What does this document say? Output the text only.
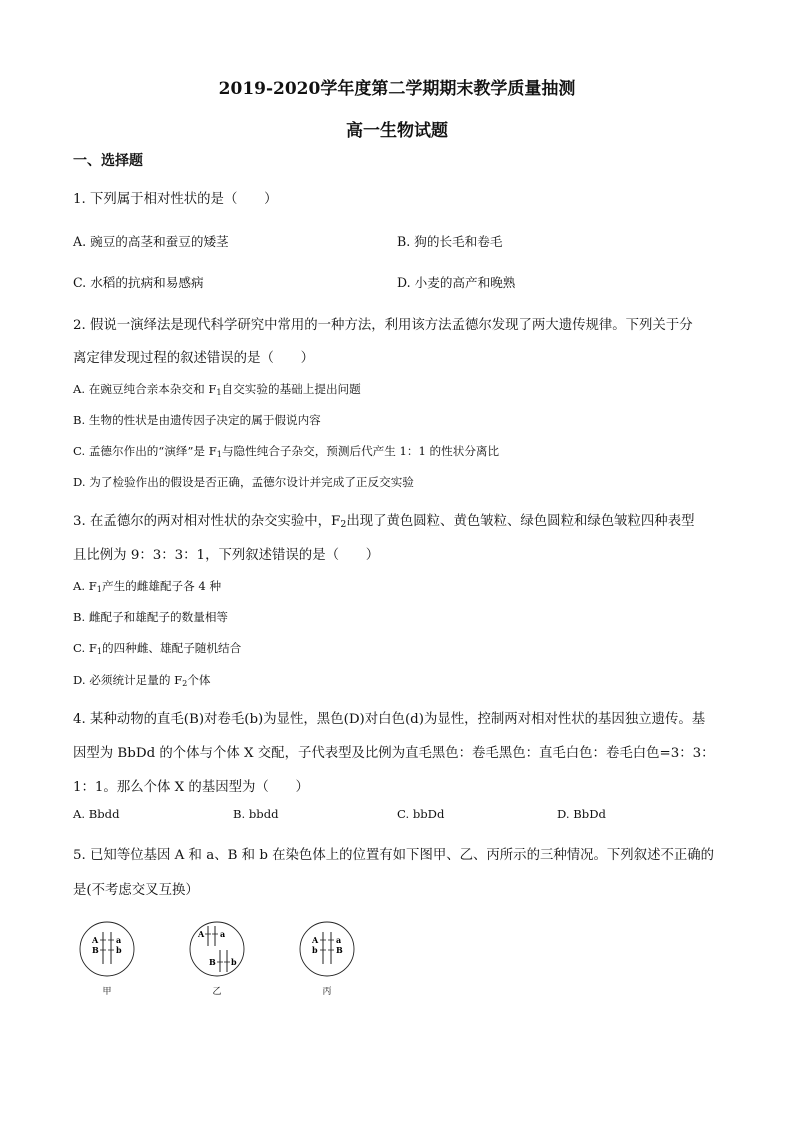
2019-2020学年度第二学期期末教学质量抽测
高一生物试题
一、选择题
1. 下列属于相对性状的是（　　）
A. 豌豆的高茎和蚕豆的矮茎	B. 狗的长毛和卷毛
C. 水稻的抗病和易感病	D. 小麦的高产和晚熟
2. 假说一演绎法是现代科学研究中常用的一种方法，利用该方法孟德尔发现了两大遗传规律。下列关于分
离定律发现过程的叙述错误的是（　　）
A. 在豌豆纯合亲本杂交和 $F_1$自交实验的基础上提出问题
B. 生物的性状是由遗传因子决定的属于假说内容
C. 孟德尔作出的“演绎”是 $F_1$与隐性纯合子杂交，预测后代产生 1：1 的性状分离比
D. 为了检验作出的假设是否正确，孟德尔设计并完成了正反交实验
3. 在孟德尔的两对相对性状的杂交实验中，$F_2$出现了黄色圆粒、黄色皱粒、绿色圆粒和绿色皱粒四种表型
且比例为 9：3：3：1，下列叙述错误的是（　　）
A. $F_1$产生的雌雄配子各 4 种
B. 雌配子和雄配子的数量相等
C. $F_1$的四种雌、雄配子随机结合
D. 必须统计足量的 $F_2$个体
4. 某种动物的直毛(B)对卷毛(b)为显性，黑色(D)对白色(d)为显性，控制两对相对性状的基因独立遗传。基
因型为 BbDd 的个体与个体 X 交配，子代表型及比例为直毛黑色：卷毛黑色：直毛白色：卷毛白色=3：3：
1：1。那么个体 X 的基因型为（　　）
A. Bbdd	B. bbdd	C. bbDd	D. BbDd
5. 已知等位基因 A 和 a、B 和 b 在染色体上的位置有如下图甲、乙、丙所示的三种情况。下列叙述不正确的
是(不考虑交叉互换）
A
B
a
b
甲
A a
B b
乙
A
b
a
B
丙
